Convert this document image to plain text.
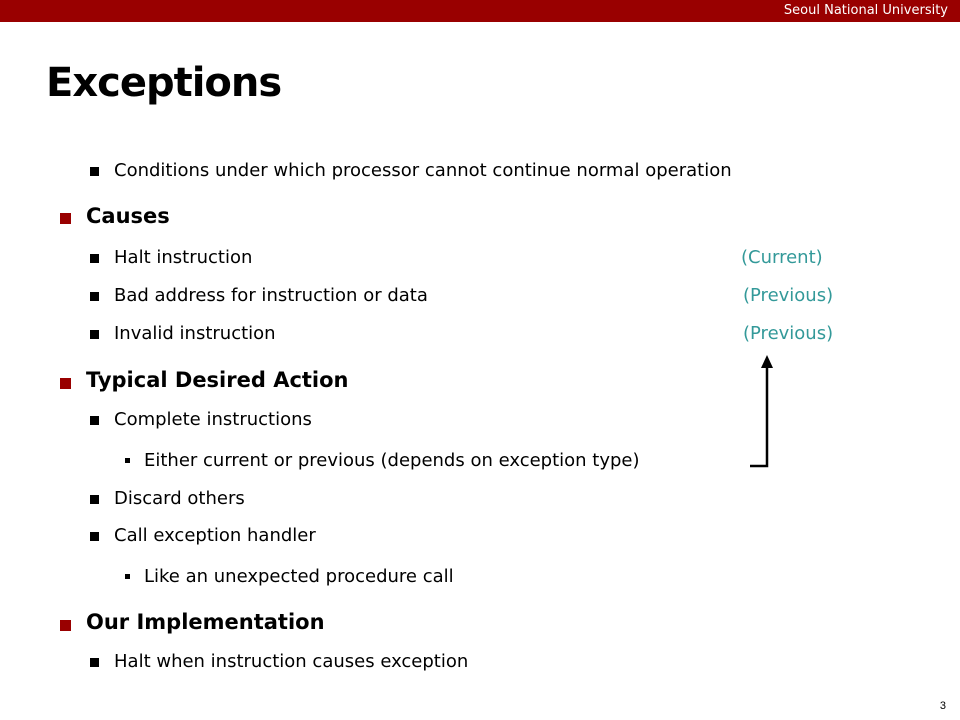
Seoul National University
Exceptions
Conditions under which processor cannot continue normal operation
Causes
Halt instruction	(Current)
Bad address for instruction or data	(Previous)
Invalid instruction	(Previous)
Typical Desired Action
Complete instructions
Either current or previous (depends on exception type)
Discard others
Call exception handler
Like an unexpected procedure call
Our Implementation
Halt when instruction causes exception
3
